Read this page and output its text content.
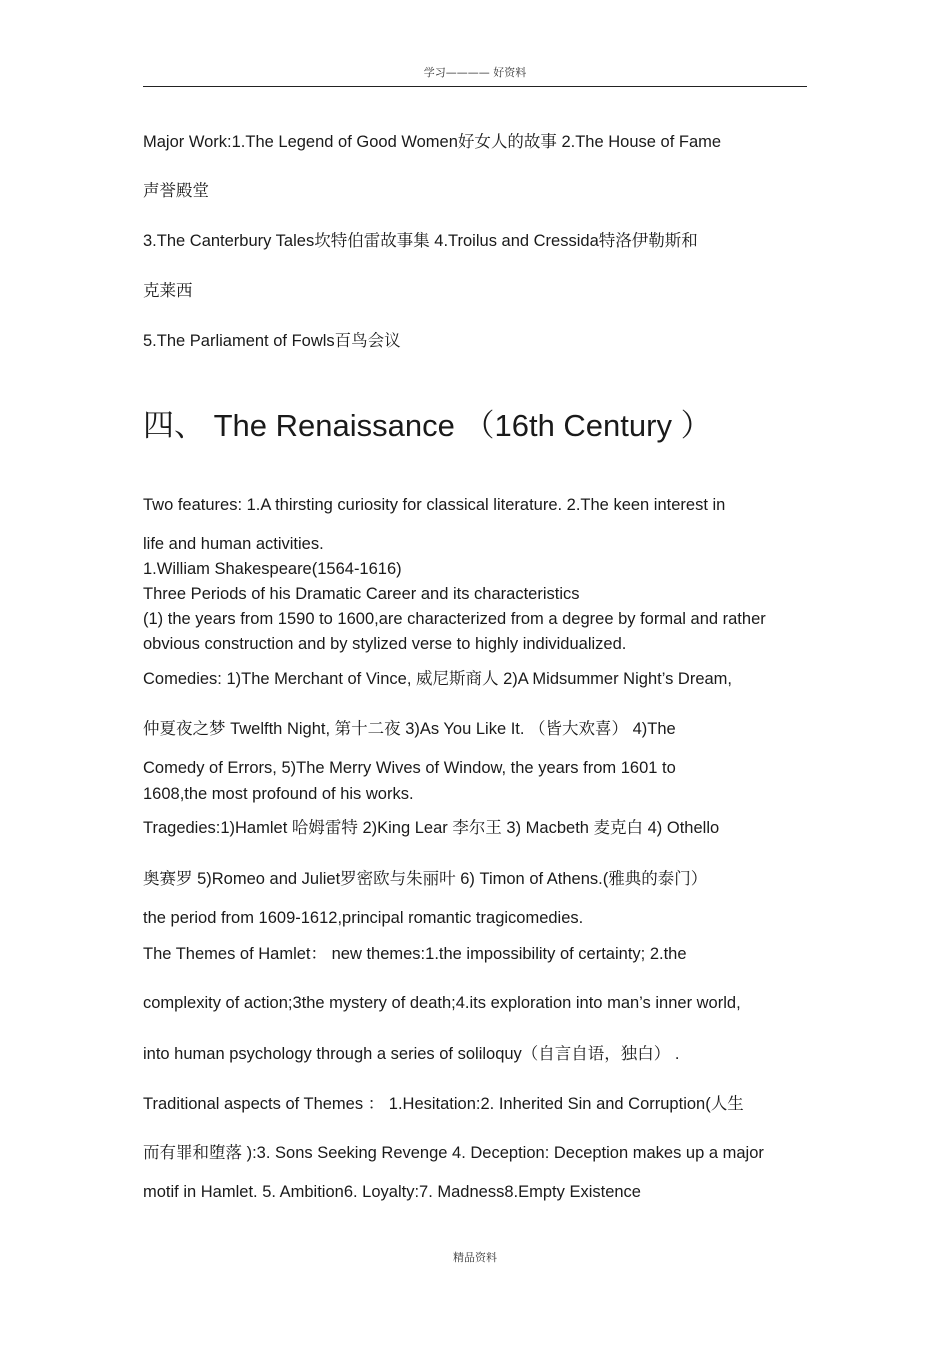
学习———— 好资料
Major Work:1.The Legend of Good Women好女人的故事 2.The House of Fame
声誉殿堂
3.The Canterbury Tales坎特伯雷故事集 4.Troilus and Cressida特洛伊勒斯和
克莱西
5.The Parliament of Fowls百鸟会议
四、 The Renaissance （16th Century ）
Two features: 1.A thirsting curiosity for classical literature. 2.The keen interest in
life and human activities.
1.William Shakespeare(1564-1616)
Three Periods of his Dramatic Career and its characteristics
(1) the years from 1590 to 1600,are characterized from a degree by formal and rather
obvious construction and by stylized verse to highly individualized.
Comedies: 1)The Merchant of Vince, 威尼斯商人 2)A Midsummer Night’s Dream,
仲夏夜之梦 Twelfth Night, 第十二夜 3)As You Like It. （皆大欢喜） 4)The
Comedy of Errors, 5)The Merry Wives of Window, the years from 1601 to
1608,the most profound of his works.
Tragedies:1)Hamlet 哈姆雷特 2)King Lear 李尔王 3) Macbeth 麦克白 4) Othello
奥赛罗 5)Romeo and Juliet罗密欧与朱丽叶 6) Timon of Athens.(雅典的泰门）
the period from 1609-1612,principal romantic tragicomedies.
The Themes of Hamlet： new themes:1.the impossibility of certainty; 2.the
complexity of action;3the mystery of death;4.its exploration into man’s inner world,
into human psychology through a series of soliloquy（自言自语，独白） .
Traditional aspects of Themes ： 1.Hesitation:2. Inherited Sin and Corruption(人生
而有罪和堕落 ):3. Sons Seeking Revenge 4. Deception: Deception makes up a major
motif in Hamlet. 5. Ambition6. Loyalty:7. Madness8.Empty Existence
精品资料
